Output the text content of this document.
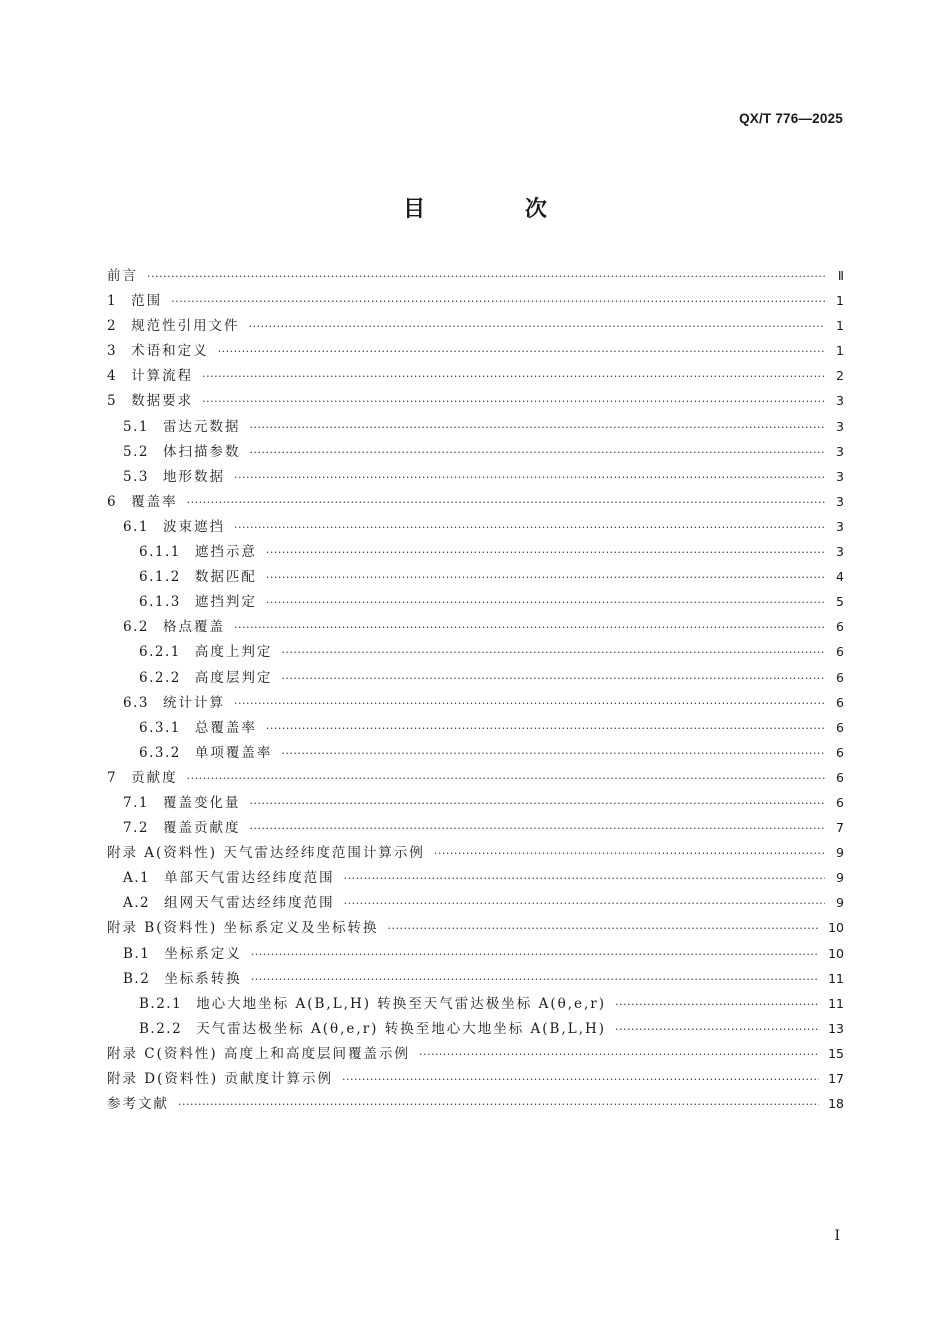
QX/T 776—2025
目 次
前言 ·····	Ⅱ
1 范围 ·····	1
2 规范性引用文件 ·····	1
3 术语和定义 ·····	1
4 计算流程 ·····	2
5 数据要求 ·····	3
5.1 雷达元数据 ·····	3
5.2 体扫描参数 ·····	3
5.3 地形数据 ·····	3
6 覆盖率 ·····	3
6.1 波束遮挡 ·····	3
6.1.1 遮挡示意 ·····	3
6.1.2 数据匹配 ·····	4
6.1.3 遮挡判定 ·····	5
6.2 格点覆盖 ·····	6
6.2.1 高度上判定 ·····	6
6.2.2 高度层判定 ·····	6
6.3 统计计算 ·····	6
6.3.1 总覆盖率 ·····	6
6.3.2 单项覆盖率 ·····	6
7 贡献度 ·····	6
7.1 覆盖变化量 ·····	6
7.2 覆盖贡献度 ·····	7
附录 A(资料性) 天气雷达经纬度范围计算示例 ·····	9
A.1 单部天气雷达经纬度范围 ·····	9
A.2 组网天气雷达经纬度范围 ·····	9
附录 B(资料性) 坐标系定义及坐标转换 ·····	10
B.1 坐标系定义 ·····	10
B.2 坐标系转换 ·····	11
B.2.1 地心大地坐标 A(B,L,H) 转换至天气雷达极坐标 A(θ,e,r) ·····	11
B.2.2 天气雷达极坐标 A(θ,e,r) 转换至地心大地坐标 A(B,L,H) ·····	13
附录 C(资料性) 高度上和高度层间覆盖示例 ·····	15
附录 D(资料性) 贡献度计算示例 ·····	17
参考文献 ·····	18
I
